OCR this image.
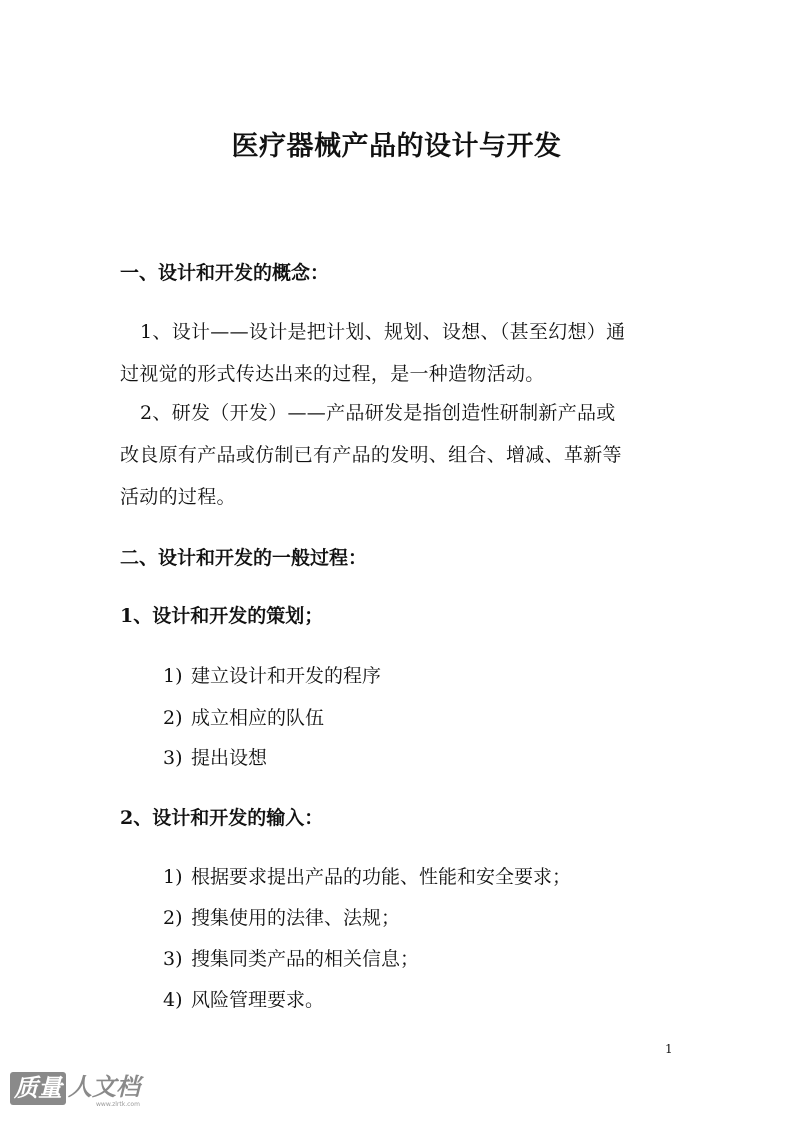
医疗器械产品的设计与开发
一、设计和开发的概念：
1、设计——设计是把计划、规划、设想、（甚至幻想）通
过视觉的形式传达出来的过程，是一种造物活动。
2、研发（开发）——产品研发是指创造性研制新产品或
改良原有产品或仿制已有产品的发明、组合、增减、革新等
活动的过程。
二、设计和开发的一般过程：
1、设计和开发的策划；
1) 建立设计和开发的程序
2) 成立相应的队伍
3) 提出设想
2、设计和开发的输入：
1) 根据要求提出产品的功能、性能和安全要求；
2) 搜集使用的法律、法规；
3) 搜集同类产品的相关信息；
4) 风险管理要求。
1
质量 人文档
www.zlrtk.com
